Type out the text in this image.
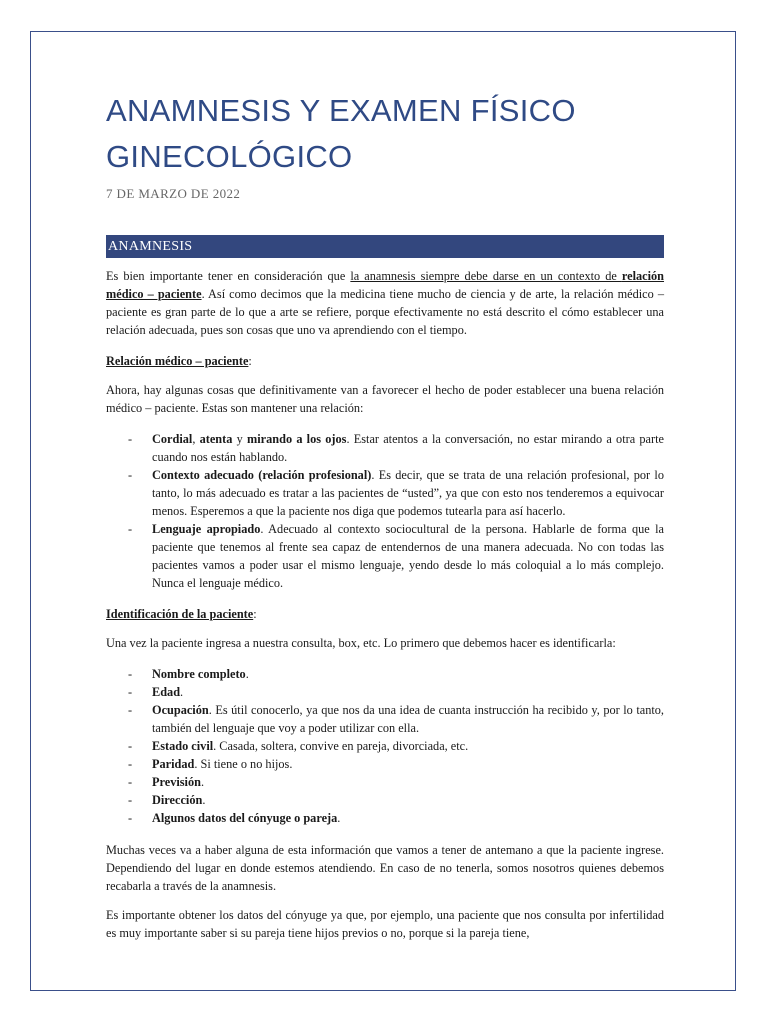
ANAMNESIS Y EXAMEN FÍSICO
GINECOLÓGICO
7 DE MARZO DE 2022
ANAMNESIS

Es bien importante tener en consideración que la anamnesis siempre debe darse en un contexto de relación médico – paciente. Así como decimos que la medicina tiene mucho de ciencia y de arte, la relación médico – paciente es gran parte de lo que a arte se refiere, porque efectivamente no está descrito el cómo establecer una relación adecuada, pues son cosas que uno va aprendiendo con el tiempo.

Relación médico – paciente:

Ahora, hay algunas cosas que definitivamente van a favorecer el hecho de poder establecer una buena relación médico – paciente. Estas son mantener una relación:

- Cordial, atenta y mirando a los ojos. Estar atentos a la conversación, no estar mirando a otra parte cuando nos están hablando.
- Contexto adecuado (relación profesional). Es decir, que se trata de una relación profesional, por lo tanto, lo más adecuado es tratar a las pacientes de “usted”, ya que con esto nos tenderemos a equivocar menos. Esperemos a que la paciente nos diga que podemos tutearla para así hacerlo.
- Lenguaje apropiado. Adecuado al contexto sociocultural de la persona. Hablarle de forma que la paciente que tenemos al frente sea capaz de entendernos de una manera adecuada. No con todas las pacientes vamos a poder usar el mismo lenguaje, yendo desde lo más coloquial a lo más complejo. Nunca el lenguaje médico.

Identificación de la paciente:

Una vez la paciente ingresa a nuestra consulta, box, etc. Lo primero que debemos hacer es identificarla:

- Nombre completo.
- Edad.
- Ocupación. Es útil conocerlo, ya que nos da una idea de cuanta instrucción ha recibido y, por lo tanto, también del lenguaje que voy a poder utilizar con ella.
- Estado civil. Casada, soltera, convive en pareja, divorciada, etc.
- Paridad. Si tiene o no hijos.
- Previsión.
- Dirección.
- Algunos datos del cónyuge o pareja.

Muchas veces va a haber alguna de esta información que vamos a tener de antemano a que la paciente ingrese. Dependiendo del lugar en donde estemos atendiendo. En caso de no tenerla, somos nosotros quienes debemos recabarla a través de la anamnesis.

Es importante obtener los datos del cónyuge ya que, por ejemplo, una paciente que nos consulta por infertilidad es muy importante saber si su pareja tiene hijos previos o no, porque si la pareja tiene,
